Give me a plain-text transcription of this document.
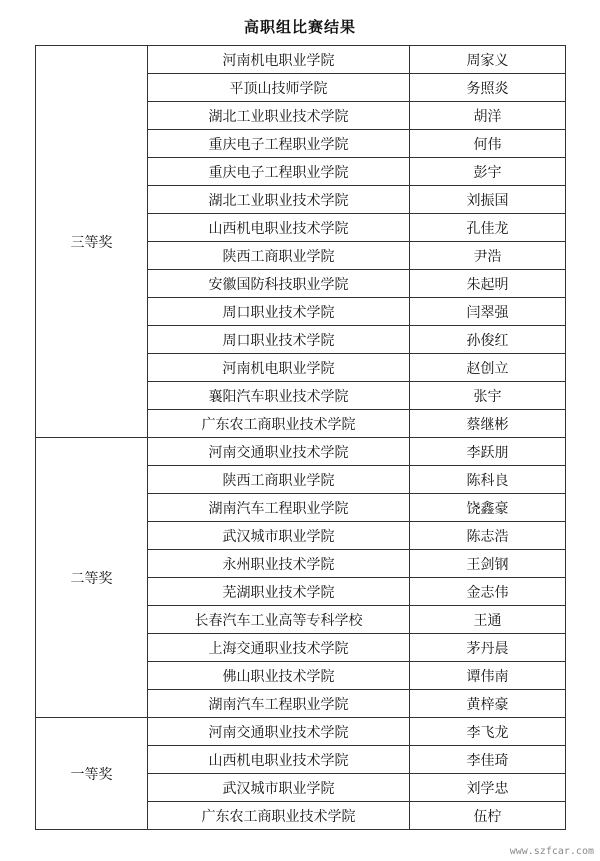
高职组比赛结果
三等奖	河南机电职业学院	周家义
	平顶山技师学院	务照炎
	湖北工业职业技术学院	胡洋
	重庆电子工程职业学院	何伟
	重庆电子工程职业学院	彭宇
	湖北工业职业技术学院	刘振国
	山西机电职业技术学院	孔佳龙
	陕西工商职业学院	尹浩
	安徽国防科技职业学院	朱起明
	周口职业技术学院	闫翠强
	周口职业技术学院	孙俊红
	河南机电职业学院	赵创立
	襄阳汽车职业技术学院	张宇
	广东农工商职业技术学院	蔡继彬
二等奖	河南交通职业技术学院	李跃朋
	陕西工商职业学院	陈科良
	湖南汽车工程职业学院	饶鑫豪
	武汉城市职业学院	陈志浩
	永州职业技术学院	王剑钢
	芜湖职业技术学院	金志伟
	长春汽车工业高等专科学校	王通
	上海交通职业技术学院	茅丹晨
	佛山职业技术学院	谭伟南
	湖南汽车工程职业学院	黄梓豪
一等奖	河南交通职业技术学院	李飞龙
	山西机电职业技术学院	李佳琦
	武汉城市职业学院	刘学忠
	广东农工商职业技术学院	伍柠
www.szfcar.com
